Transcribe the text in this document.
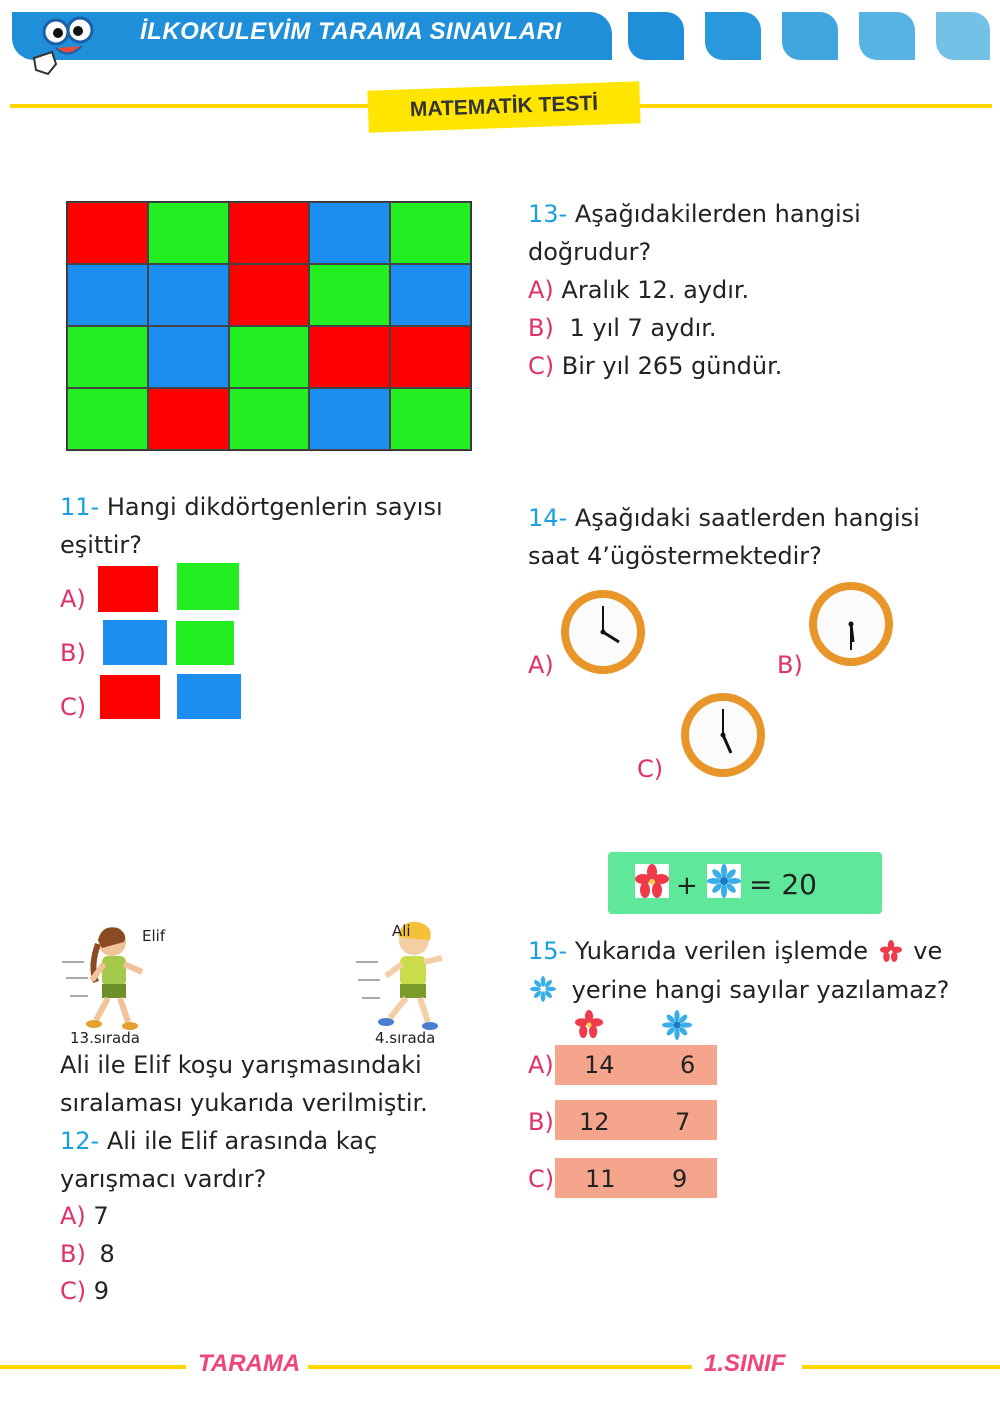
İLKOKULEVİM TARAMA SINAVLARI
MATEMATİK TESTİ
11- Hangi dikdörtgenlerin sayısı
eşittir?
A)
B)
C)
Elif
13.sırada
Ali
4.sırada
Ali ile Elif koşu yarışmasındaki
sıralaması yukarıda verilmiştir.
12- Ali ile Elif arasında kaç
yarışmacı vardır?
A) 7
B) 8
C) 9
13- Aşağıdakilerden hangisi
doğrudur?
A) Aralık 12. aydır.
B) 1 yıl 7 aydır.
C) Bir yıl 265 gündür.
14- Aşağıdaki saatlerden hangisi
saat 4’ügöstermektedir?
A)	B)
C)
+ = 20
15- Yukarıda verilen işlemde ve
yerine hangi sayılar yazılamaz?
A) 14	6
B) 12	7
C) 11 9
TARAMA	1.SINIF
